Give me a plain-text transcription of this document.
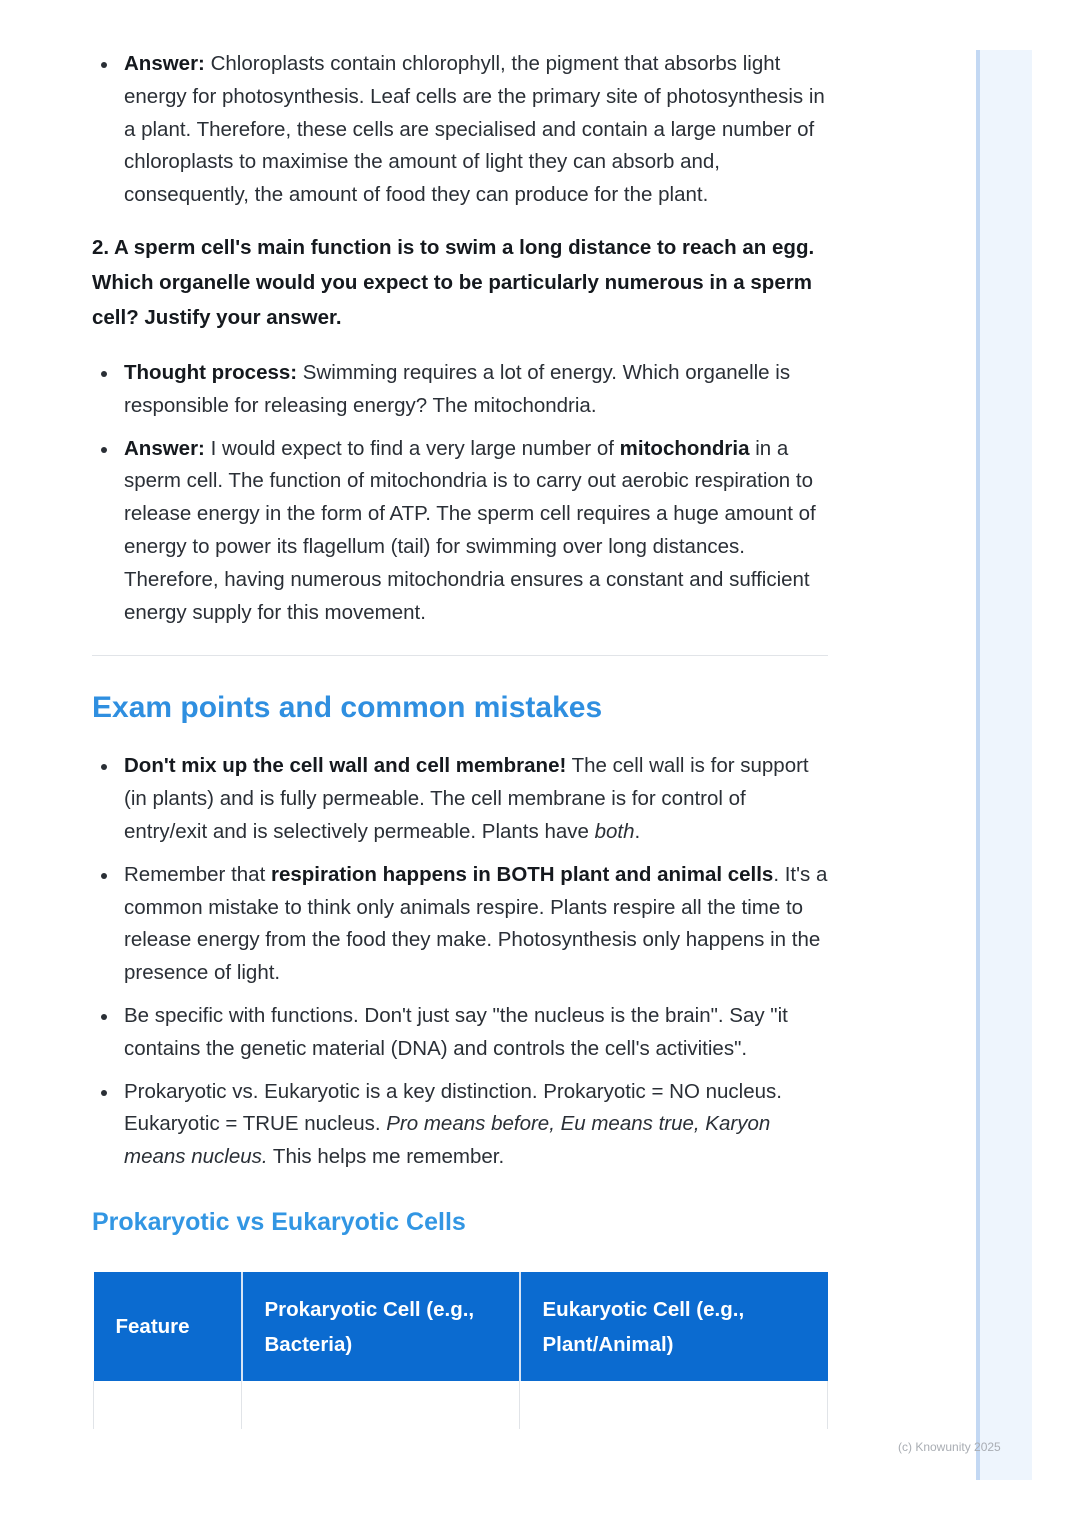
Answer: Chloroplasts contain chlorophyll, the pigment that absorbs light energy for photosynthesis. Leaf cells are the primary site of photosynthesis in a plant. Therefore, these cells are specialised and contain a large number of chloroplasts to maximise the amount of light they can absorb and, consequently, the amount of food they can produce for the plant.
2. A sperm cell's main function is to swim a long distance to reach an egg. Which organelle would you expect to be particularly numerous in a sperm cell? Justify your answer.
Thought process: Swimming requires a lot of energy. Which organelle is responsible for releasing energy? The mitochondria.
Answer: I would expect to find a very large number of mitochondria in a sperm cell. The function of mitochondria is to carry out aerobic respiration to release energy in the form of ATP. The sperm cell requires a huge amount of energy to power its flagellum (tail) for swimming over long distances. Therefore, having numerous mitochondria ensures a constant and sufficient energy supply for this movement.
Exam points and common mistakes
Don't mix up the cell wall and cell membrane! The cell wall is for support (in plants) and is fully permeable. The cell membrane is for control of entry/exit and is selectively permeable. Plants have both.
Remember that respiration happens in BOTH plant and animal cells. It's a common mistake to think only animals respire. Plants respire all the time to release energy from the food they make. Photosynthesis only happens in the presence of light.
Be specific with functions. Don't just say "the nucleus is the brain". Say "it contains the genetic material (DNA) and controls the cell's activities".
Prokaryotic vs. Eukaryotic is a key distinction. Prokaryotic = NO nucleus. Eukaryotic = TRUE nucleus. Pro means before, Eu means true, Karyon means nucleus. This helps me remember.
Prokaryotic vs Eukaryotic Cells
Feature	Prokaryotic Cell (e.g., Bacteria)	Eukaryotic Cell (e.g., Plant/Animal)

(c) Knowunity 2025
